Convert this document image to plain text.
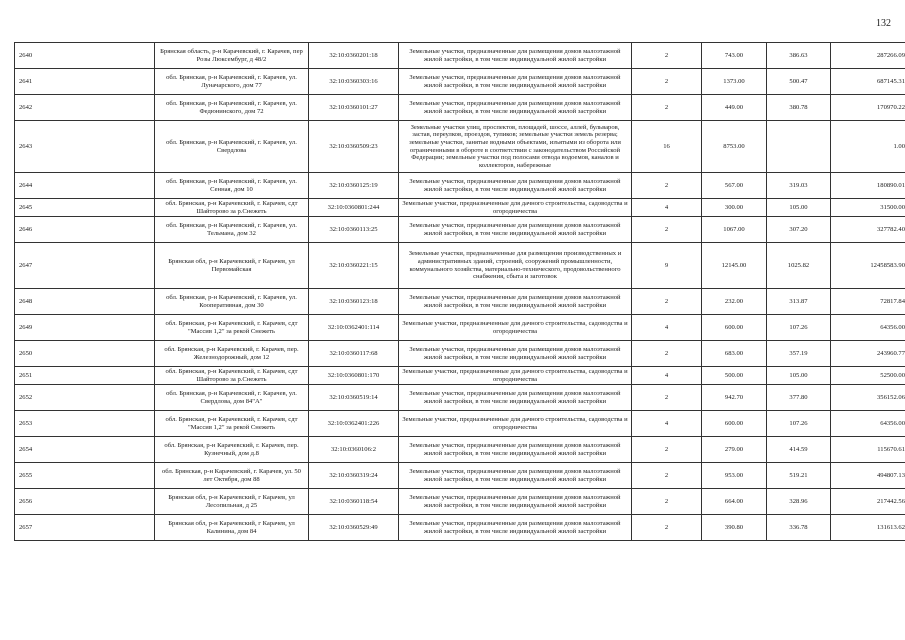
132
2640	Брянская область, р-н Карачевский, г. Карачев, пер Розы Люксембург, д 48/2	32:10:0360201:18	Земельные участки, предназначенные для размещения домов малоэтажной жилой застройки, в том числе индивидуальной жилой застройки	2	743.00	386.63	287266.09
2641	обл. Брянская, р-н Карачевский, г. Карачев, ул. Луначарского, дом 77	32:10:0360303:16	Земельные участки, предназначенные для размещения домов малоэтажной жилой застройки, в том числе индивидуальной жилой застройки	2	1373.00	500.47	687145.31
2642	обл. Брянская, р-н Карачевский, г. Карачев, ул. Федюнинского, дом 72	32:10:0360101:27	Земельные участки, предназначенные для размещения домов малоэтажной жилой застройки, в том числе индивидуальной жилой застройки	2	449.00	380.78	170970.22
2643	обл. Брянская, р-н Карачевский, г. Карачев, ул. Свердлова	32:10:0360509:23	Земельные участки улиц, проспектов, площадей, шоссе, аллей, бульваров, застав, переулков, проездов, тупиков; земельные участки земель резерва; земельные участки, занятые водными объектами, изъятыми из оборота или ограниченными в обороте в соответствии с законодательством Российской Федерации; земельные участки под полосами отвода водоемов, каналов и коллекторов, набережные	16	8753.00		1.00
2644	обл. Брянская, р-н Карачевский, г. Карачев, ул. Сенная, дом 10	32:10:0360125:19	Земельные участки, предназначенные для размещения домов малоэтажной жилой застройки, в том числе индивидуальной жилой застройки	2	567.00	319.03	180890.01
2645	обл. Брянская, р-н Карачевский, г. Карачев, сдт Шайторово за р.Снежеть	32:10:0360801:244	Земельные участки, предназначенные для дачного строительства, садоводства и огородничества	4	300.00	105.00	31500.00
2646	обл. Брянская, р-н Карачевский, г. Карачев, ул. Тельмана, дом 32	32:10:0360113:25	Земельные участки, предназначенные для размещения домов малоэтажной жилой застройки, в том числе индивидуальной жилой застройки	2	1067.00	307.20	327782.40
2647	Брянская обл, р-н Карачевский, г Карачев, ул Первомайская	32:10:0360221:15	Земельные участки, предназначенные для размещения производственных и административных зданий, строений, сооружений промышленности, коммунального хозяйства, материально-технического, продовольственного снабжения, сбыта и заготовок	9	12145.00	1025.82	12458583.90
2648	обл. Брянская, р-н Карачевский, г. Карачев, ул. Кооперативная, дом 30	32:10:0360123:18	Земельные участки, предназначенные для размещения домов малоэтажной жилой застройки, в том числе индивидуальной жилой застройки	2	232.00	313.87	72817.84
2649	обл. Брянская, р-н Карачевский, г. Карачев, сдт "Массив 1,2" за рекой Снежеть	32:10:0362401:114	Земельные участки, предназначенные для дачного строительства, садоводства и огородничества	4	600.00	107.26	64356.00
2650	обл. Брянская, р-н Карачевский, г. Карачев, пер. Железнодорожный, дом 12	32:10:0360117:68	Земельные участки, предназначенные для размещения домов малоэтажной жилой застройки, в том числе индивидуальной жилой застройки	2	683.00	357.19	243960.77
2651	обл. Брянская, р-н Карачевский, г. Карачев, сдт Шайторово за р.Снежеть	32:10:0360801:170	Земельные участки, предназначенные для дачного строительства, садоводства и огородничества	4	500.00	105.00	52500.00
2652	обл. Брянская, р-н Карачевский, г. Карачев, ул. Свердлова, дом 84"А"	32:10:0360519:14	Земельные участки, предназначенные для размещения домов малоэтажной жилой застройки, в том числе индивидуальной жилой застройки	2	942.70	377.80	356152.06
2653	обл. Брянская, р-н Карачевский, г. Карачев, сдт "Массив 1,2" за рекой Снежеть	32:10:0362401:226	Земельные участки, предназначенные для дачного строительства, садоводства и огородничества	4	600.00	107.26	64356.00
2654	обл. Брянская, р-н Карачевский, г. Карачев, пер. Кузнечный, дом д.8	32:10:0360106:2	Земельные участки, предназначенные для размещения домов малоэтажной жилой застройки, в том числе индивидуальной жилой застройки	2	279.00	414.59	115670.61
2655	обл. Брянская, р-н Карачевский, г. Карачев, ул. 50 лет Октября, дом 88	32:10:0360319:24	Земельные участки, предназначенные для размещения домов малоэтажной жилой застройки, в том числе индивидуальной жилой застройки	2	953.00	519.21	494807.13
2656	Брянская обл, р-н Карачевский, г Карачев, ул Лесопильная, д 25	32:10:0360118:54	Земельные участки, предназначенные для размещения домов малоэтажной жилой застройки, в том числе индивидуальной жилой застройки	2	664.00	328.96	217442.56
2657	Брянская обл, р-н Карачевский, г Карачев, ул Калинина, дом 84	32:10:0360529:49	Земельные участки, предназначенные для размещения домов малоэтажной жилой застройки, в том числе индивидуальной жилой застройки	2	390.80	336.78	131613.62
